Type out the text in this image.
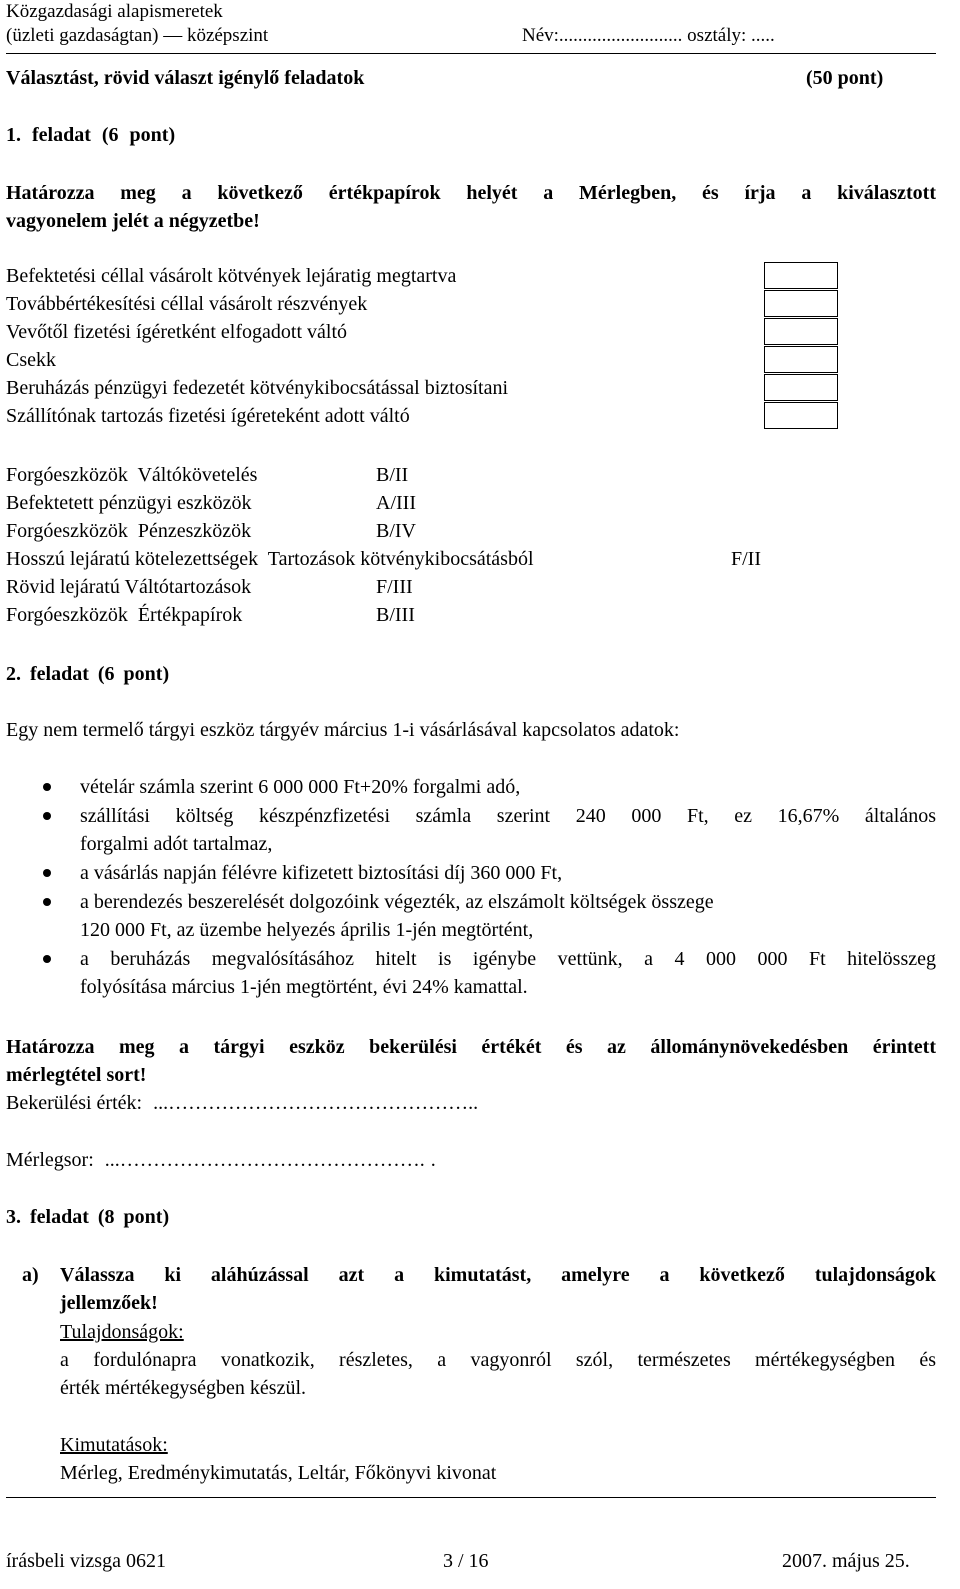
Közgazdasági alapismeretek
(üzleti gazdaságtan) — középszint	Név:.......................... osztály: .....
Választást, rövid választ igénylő feladatok	(50 pont)
1. feladat (6 pont)
Határozza meg a következő értékpapírok helyét a Mérlegben, és írja a kiválasztott
vagyonelem jelét a négyzetbe!
Befektetési céllal vásárolt kötvények lejáratig megtartva
Továbbértékesítési céllal vásárolt részvények
Vevőtől fizetési ígéretként elfogadott váltó
Csekk
Beruházás pénzügyi fedezetét kötvénykibocsátással biztosítani
Szállítónak tartozás fizetési ígéreteként adott váltó
Forgóeszközök  Váltókövetelés	B/II
Befektetett pénzügyi eszközök	A/III
Forgóeszközök  Pénzeszközök	B/IV
Hosszú lejáratú kötelezettségek  Tartozások kötvénykibocsátásból	F/II
Rövid lejáratú Váltótartozások	F/III
Forgóeszközök  Értékpapírok	B/III
2. feladat (6 pont)
Egy nem termelő tárgyi eszköz tárgyév március 1-i vásárlásával kapcsolatos adatok:
vételár számla szerint 6 000 000 Ft+20% forgalmi adó,
szállítási költség készpénzfizetési számla szerint 240 000 Ft, ez 16,67% általános
forgalmi adót tartalmaz,
a vásárlás napján félévre kifizetett biztosítási díj 360 000 Ft,
a berendezés beszerelését dolgozóink végezték, az elszámolt költségek összege
120 000 Ft, az üzembe helyezés április 1-jén megtörtént,
a beruházás megvalósításához hitelt is igénybe vettünk, a 4 000 000 Ft hitelösszeg
folyósítása március 1-jén megtörtént, évi 24% kamattal.
Határozza meg a tárgyi eszköz bekerülési értékét és az állománynövekedésben érintett
mérlegtétel sort!
Bekerülési érték: ...………………………………………..
Mérlegsor: ...………………………………………. .
3. feladat (8 pont)
a) Válassza ki aláhúzással azt a kimutatást, amelyre a következő tulajdonságok
jellemzőek!
Tulajdonságok:
a fordulónapra vonatkozik, részletes, a vagyonról szól, természetes mértékegységben és
érték mértékegységben készül.
Kimutatások:
Mérleg, Eredménykimutatás, Leltár, Főkönyvi kivonat
írásbeli vizsga 0621	3 / 16	2007. május 25.
